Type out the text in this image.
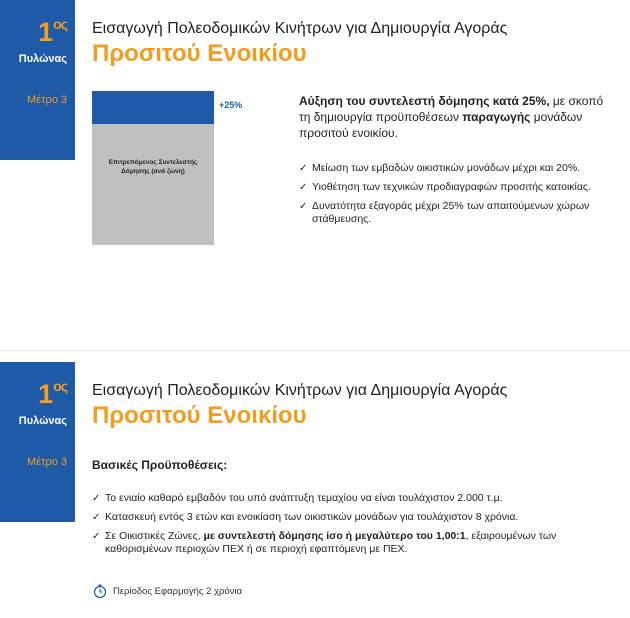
$1^{o\varsigma}$
Πυλώνας
Μέτρο 3
Εισαγωγή Πολεοδομικών Κινήτρων για Δημιουργία Αγοράς
Προσιτού Ενοικίου
+25%
Επιτρεπόμενος Συντελεστής Δόμησης (ανά ζώνη)
Αύξηση του συντελεστή δόμησης κατά 25%, με σκοπό τη δημιουργία προϋποθέσεων παραγωγής μονάδων προσιτού ενοικίου.
✓ Μείωση των εμβαδών οικιστικών μονάδων μέχρι και 20%.
✓ Υιοθέτηση των τεχνικών προδιαγραφών προσιτής κατοικίας.
✓ Δυνατότητα εξαγοράς μέχρι 25% των απαιτούμενων χώρων στάθμευσης.
$1^{o\varsigma}$
Πυλώνας
Μέτρο 3
Εισαγωγή Πολεοδομικών Κινήτρων για Δημιουργία Αγοράς
Προσιτού Ενοικίου
Βασικές Προϋποθέσεις:
✓ Το ενιαίο καθαρό εμβαδόν του υπό ανάπτυξη τεμαχίου να είναι τουλάχιστον 2.000 τ.μ.
✓ Κατασκευή εντός 3 ετών και ενοικίαση των οικιστικών μονάδων για τουλάχιστον 8 χρόνια.
✓ Σε Οικιστικές Ζώνες, με συντελεστή δόμησης ίσο ή μεγαλύτερο του 1,00:1, εξαιρουμένων των καθορισμένων περιοχών ΠΕΧ ή σε περιοχή εφαπτόμενη με ΠΕΧ.
Περίοδος Εφαρμογής 2 χρόνια
